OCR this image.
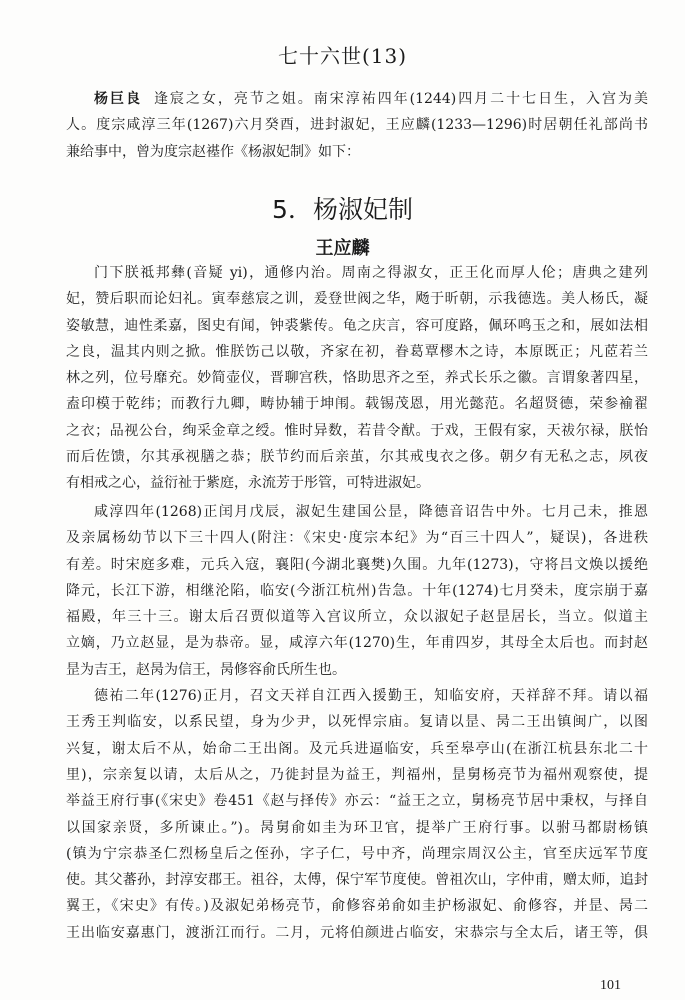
七十六世(13)
杨巨良 逢宸之女，亮节之姐。南宋淳祐四年(1244)四月二十七日生，入宫为美
人。度宗咸淳三年(1267)六月癸酉，进封淑妃，王应麟(1233—1296)时居朝任礼部尚书
兼给事中，曾为度宗赵禥作《杨淑妃制》如下：
5．杨淑妃制
王应麟
门下朕祗邦彝(音疑 yi)，通修内治。周南之得淑女，正王化而厚人伦；唐典之建列
妃，赞后职而论妇礼。寅奉慈宸之训，爰登世阀之华，飏于昕朝，示我德选。美人杨氏，凝
姿敏慧，迪性柔嘉，图史有闻，钟裘紫传。龟之庆言，容可度路，佩环鸣玉之和，展如法相
之良，温其内则之掀。惟朕饬己以敬，齐家在初，眷葛覃樛木之诗，本原既正；凡茝若兰
林之列，位号靡充。妙简壶仪，晋聊宫秩，恪助思齐之至，养式长乐之徽。言谓象著四星，
盍印模于乾纬；而教行九卿，畴协辅于坤闱。载锡茂恩，用光懿范。名超贤德，荣参褕翟
之衣；品视公台，绚采金章之绶。惟时异数，若昔令猷。于戏，王假有家，天祓尔禄，朕怡
而后佐馈，尔其承视膳之恭；朕节约而后亲茧，尔其戒曳衣之侈。朝夕有无私之志，夙夜
有相戒之心，益衍祉于紫庭，永流芳于彤管，可特进淑妃。
咸淳四年(1268)正闰月戊辰，淑妃生建国公昰，降德音诏告中外。七月己未，推恩
及亲属杨幼节以下三十四人(附注：《宋史·度宗本纪》为“百三十四人”，疑误)，各进秩
有差。时宋庭多难，元兵入寇，襄阳(今湖北襄樊)久围。九年(1273)，守将吕文焕以援绝
降元，长江下游，相继沦陷，临安(今浙江杭州)告急。十年(1274)七月癸未，度宗崩于嘉
福殿，年三十三。谢太后召贾似道等入宫议所立，众以淑妃子赵昰居长，当立。似道主
立嫡，乃立赵显，是为恭帝。显，咸淳六年(1270)生，年甫四岁，其母全太后也。而封赵
昰为吉王，赵昺为信王，昺修容俞氏所生也。
德祐二年(1276)正月，召文天祥自江西入援勤王，知临安府，天祥辞不拜。请以福
王秀王判临安，以系民望，身为少尹，以死悍宗庙。复请以昰、昺二王出镇闽广，以图
兴复，谢太后不从，始命二王出阁。及元兵进逼临安，兵至皋亭山(在浙江杭县东北二十
里)，宗亲复以请，太后从之，乃徙封昰为益王，判福州，昰舅杨亮节为福州观察使，提
举益王府行事(《宋史》卷451《赵与择传》亦云：“益王之立，舅杨亮节居中秉权，与择自
以国家亲贤，多所谏止。”)。昺舅俞如圭为环卫官，提举广王府行事。以驸马都尉杨镇
(镇为宁宗恭圣仁烈杨皇后之侄孙，字子仁，号中齐，尚理宗周汉公主，官至庆远军节度
使。其父蕃孙，封淳安郡王。祖谷，太傅，保宁军节度使。曾祖次山，字仲甫，赠太师，追封
翼王，《宋史》有传。)及淑妃弟杨亮节，俞修容弟俞如圭护杨淑妃、俞修容，并昰、昺二
王出临安嘉惠门，渡浙江而行。二月，元将伯颜进占临安，宋恭宗与全太后，诸王等，俱
101
